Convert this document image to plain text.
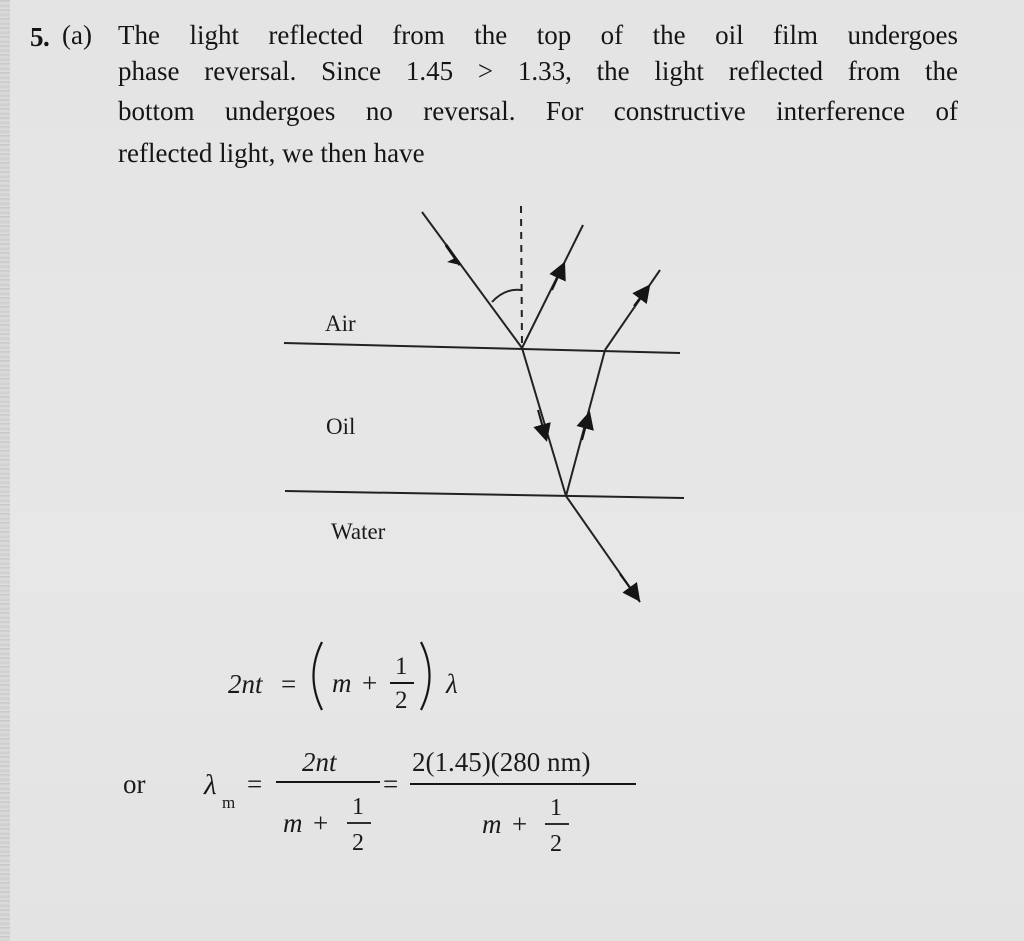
5. (a) The light reflected from the top of the oil film undergoes
phase reversal. Since 1.45 > 1.33, the light reflected from the
bottom undergoes no reversal. For constructive interference of
reflected light, we then have
Air
Oil
Water
2nt = m +
1
2
λ
or λ
m
=
2nt
m +
1
2
=
2(1.45)(280 nm)
m +
1
2
